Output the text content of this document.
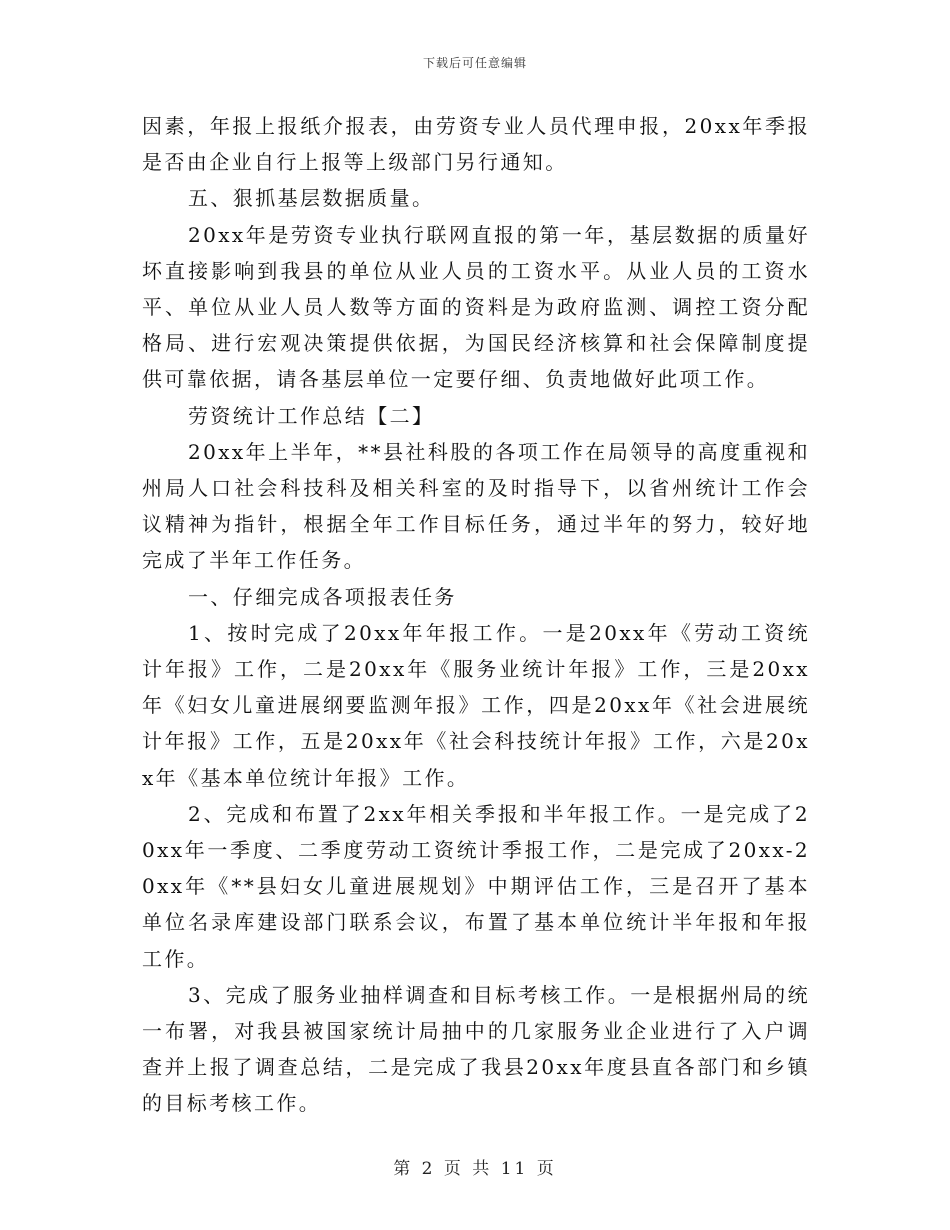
下载后可任意编辑

因素，年报上报纸介报表，由劳资专业人员代理申报，20xx年季报是否由企业自行上报等上级部门另行通知。

五、狠抓基层数据质量。

20xx年是劳资专业执行联网直报的第一年，基层数据的质量好坏直接影响到我县的单位从业人员的工资水平。从业人员的工资水平、单位从业人员人数等方面的资料是为政府监测、调控工资分配格局、进行宏观决策提供依据，为国民经济核算和社会保障制度提供可靠依据，请各基层单位一定要仔细、负责地做好此项工作。

劳资统计工作总结【二】

20xx年上半年，**县社科股的各项工作在局领导的高度重视和州局人口社会科技科及相关科室的及时指导下，以省州统计工作会议精神为指针，根据全年工作目标任务，通过半年的努力，较好地完成了半年工作任务。

一、仔细完成各项报表任务

1、按时完成了20xx年年报工作。一是20xx年《劳动工资统计年报》工作，二是20xx年《服务业统计年报》工作，三是20xx年《妇女儿童进展纲要监测年报》工作，四是20xx年《社会进展统计年报》工作，五是20xx年《社会科技统计年报》工作，六是20xx年《基本单位统计年报》工作。

2、完成和布置了2xx年相关季报和半年报工作。一是完成了20xx年一季度、二季度劳动工资统计季报工作，二是完成了20xx-20xx年《**县妇女儿童进展规划》中期评估工作，三是召开了基本单位名录库建设部门联系会议，布置了基本单位统计半年报和年报工作。

3、完成了服务业抽样调查和目标考核工作。一是根据州局的统一布署，对我县被国家统计局抽中的几家服务业企业进行了入户调查并上报了调查总结，二是完成了我县20xx年度县直各部门和乡镇的目标考核工作。

第 2 页 共 11 页
